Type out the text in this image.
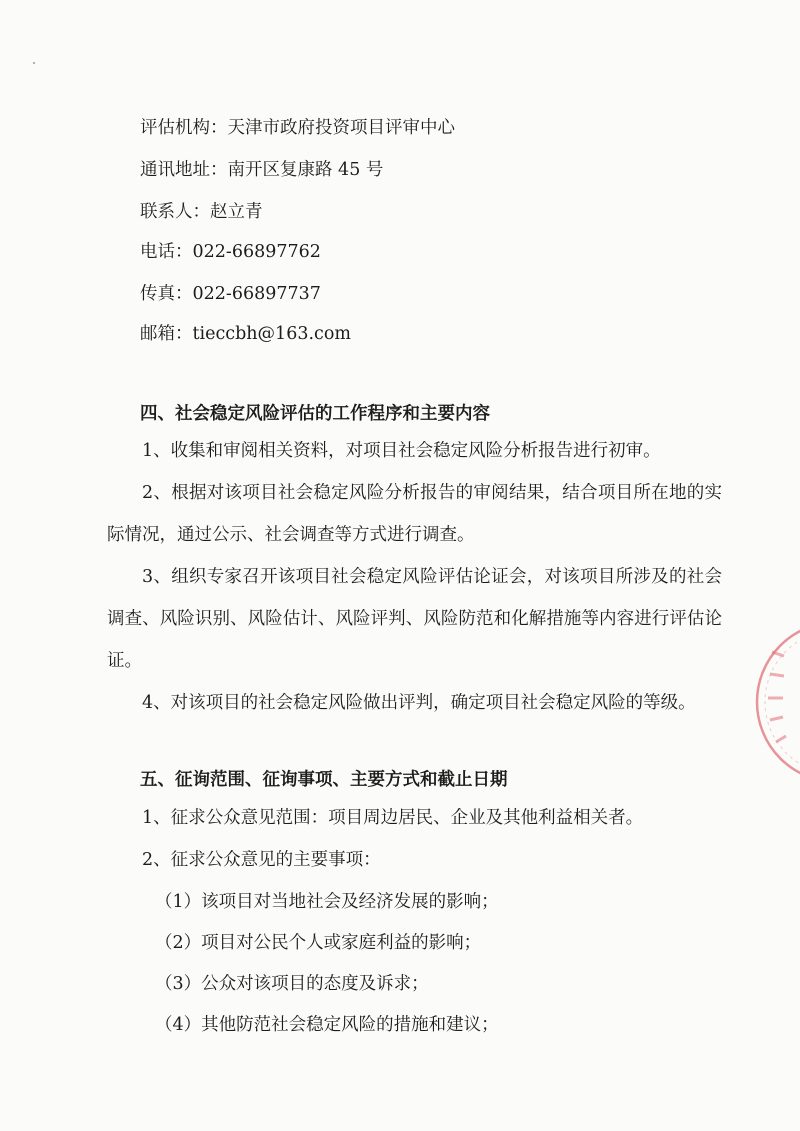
评估机构：天津市政府投资项目评审中心
通讯地址：南开区复康路 45 号
联系人：赵立青
电话：022-66897762
传真：022-66897737
邮箱：tieccbh@163.com
四、社会稳定风险评估的工作程序和主要内容
1、收集和审阅相关资料，对项目社会稳定风险分析报告进行初审。
2、根据对该项目社会稳定风险分析报告的审阅结果，结合项目所在地的实际情况，通过公示、社会调查等方式进行调查。
3、组织专家召开该项目社会稳定风险评估论证会，对该项目所涉及的社会调查、风险识别、风险估计、风险评判、风险防范和化解措施等内容进行评估论证。
4、对该项目的社会稳定风险做出评判，确定项目社会稳定风险的等级。
五、征询范围、征询事项、主要方式和截止日期
1、征求公众意见范围：项目周边居民、企业及其他利益相关者。
2、征求公众意见的主要事项：
（1）该项目对当地社会及经济发展的影响；
（2）项目对公民个人或家庭利益的影响；
（3）公众对该项目的态度及诉求；
（4）其他防范社会稳定风险的措施和建议；
